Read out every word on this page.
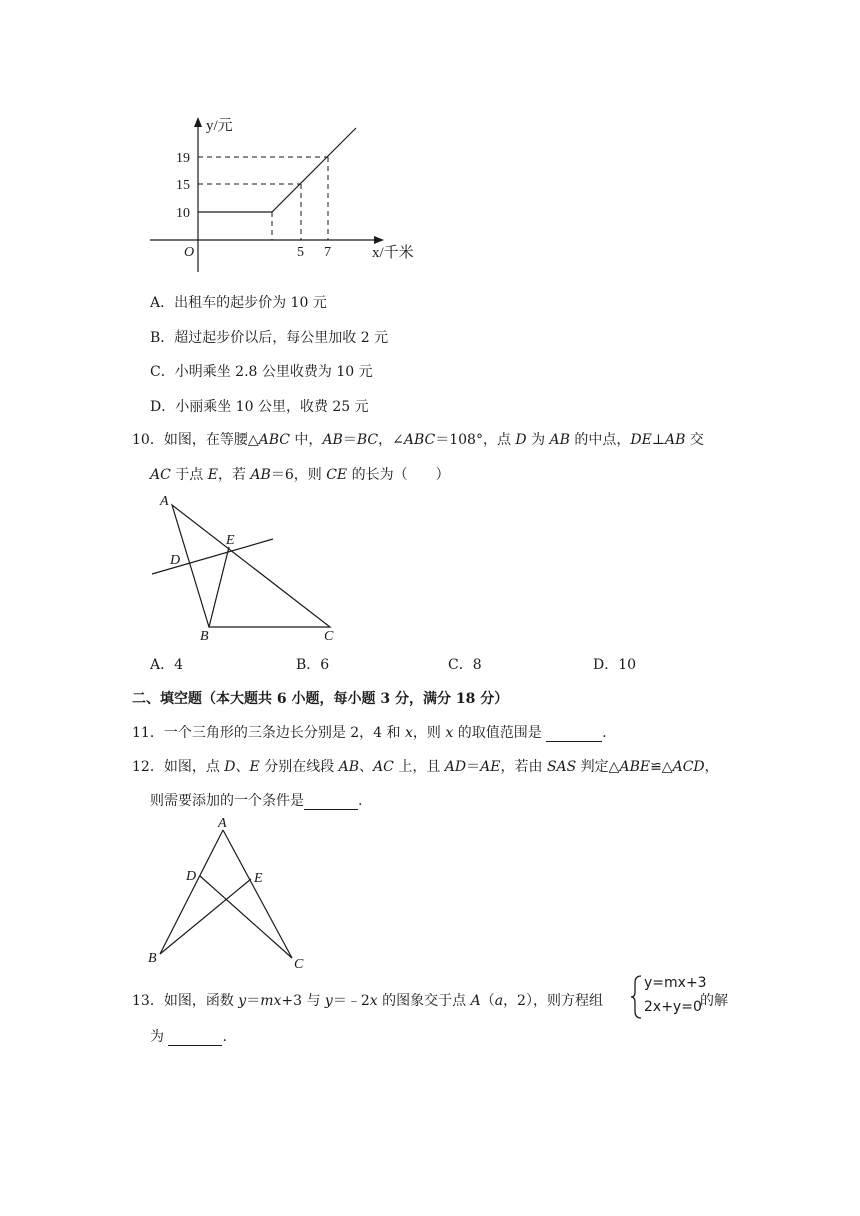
y/元
19
15
10
O	5 7	x/千米
A．出租车的起步价为 10 元
B．超过起步价以后，每公里加收 2 元
C．小明乘坐 2.8 公里收费为 10 元
D．小丽乘坐 10 公里，收费 25 元
10．如图，在等腰△ABC 中，AB＝BC，∠ABC＝108°，点 D 为 AB 的中点，DE⊥AB 交
AC 于点 E，若 AB＝6，则 CE 的长为（　　）
A
D
E
B	C
A．4	B．6	C．8	D．10
二、填空题（本大题共 6 小题，每小题 3 分，满分 18 分）
11．一个三角形的三条边长分别是 2，4 和 x，则 x 的取值范围是	.
12．如图，点 D、E 分别在线段 AB、AC 上，且 AD＝AE，若由 SAS 判定△ABE≌△ACD，
则需要添加的一个条件是	.
A
D	E
B	C
13．如图，函数 y＝mx+3 与 y＝﹣2x 的图象交于点 A（a，2），则方程组
y=mx+3
2x+y=0
的解
为	.
